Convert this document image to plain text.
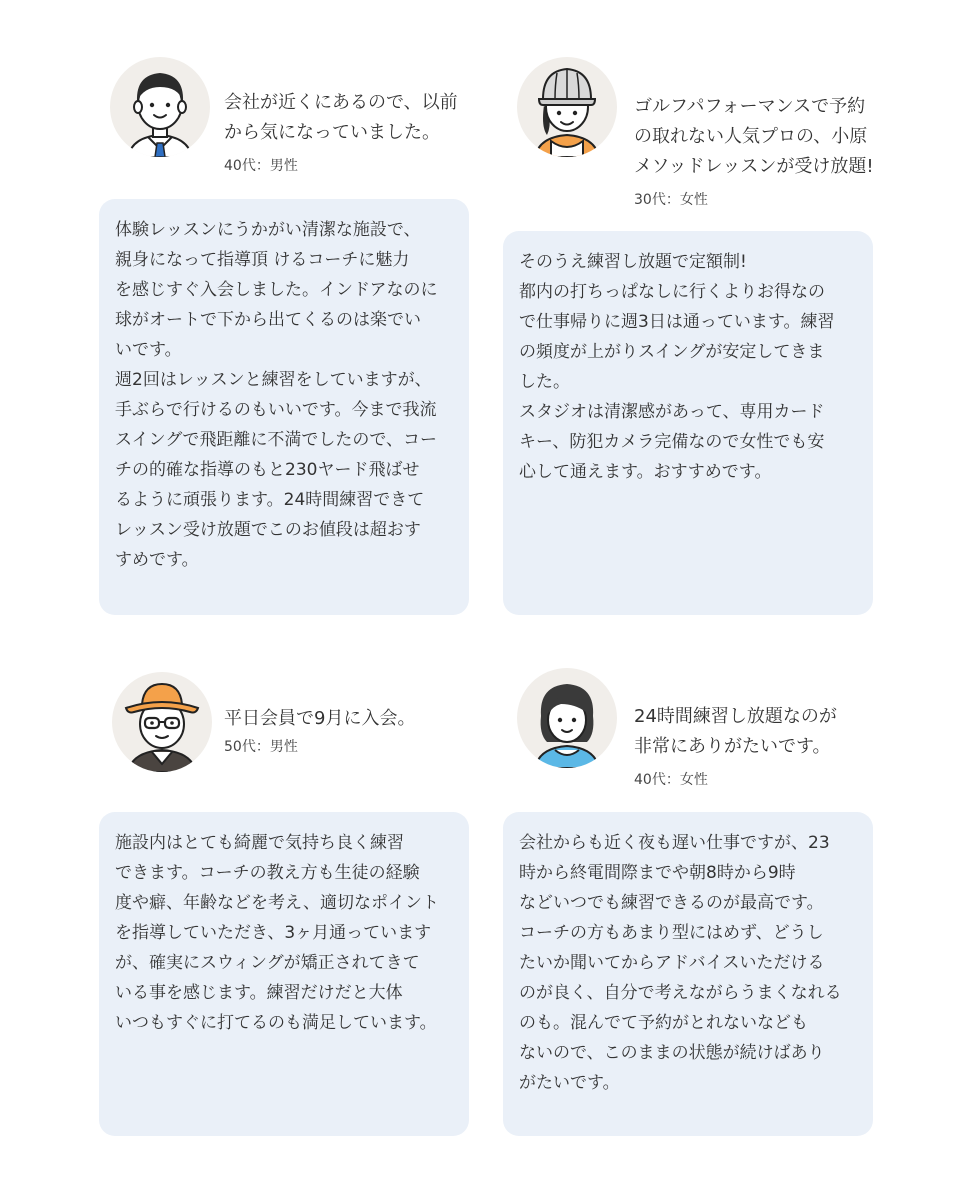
会社が近くにあるので、以前
から気になっていました。

40代：男性

体験レッスンにうかがい清潔な施設で、
親身になって指導頂 けるコーチに魅力
を感じすぐ入会しました。インドアなのに
球がオートで下から出てくるのは楽でい
いです。
週2回はレッスンと練習をしていますが、
手ぶらで行けるのもいいです。今まで我流
スイングで飛距離に不満でしたので、コー
チの的確な指導のもと230ヤード飛ばせ
るように頑張ります。24時間練習できて
レッスン受け放題でこのお値段は超おす
すめです。
ゴルフパフォーマンスで予約
の取れない人気プロの、小原
メソッドレッスンが受け放題!

30代：女性

そのうえ練習し放題で定額制!
都内の打ちっぱなしに行くよりお得なの
で仕事帰りに週3日は通っています。練習
の頻度が上がりスイングが安定してきま
した。
スタジオは清潔感があって、専用カード
キー、防犯カメラ完備なので女性でも安
心して通えます。おすすめです。
平日会員で9月に入会。

50代：男性

施設内はとても綺麗で気持ち良く練習
できます。コーチの教え方も生徒の経験
度や癖、年齢などを考え、適切なポイント
を指導していただき、3ヶ月通っています
が、確実にスウィングが矯正されてきて
いる事を感じます。練習だけだと大体
いつもすぐに打てるのも満足しています。
24時間練習し放題なのが
非常にありがたいです。

40代：女性

会社からも近く夜も遅い仕事ですが、23
時から終電間際までや朝8時から9時
などいつでも練習できるのが最高です。
コーチの方もあまり型にはめず、どうし
たいか聞いてからアドバイスいただける
のが良く、自分で考えながらうまくなれる
のも。混んでて予約がとれないなども
ないので、このままの状態が続けばあり
がたいです。
